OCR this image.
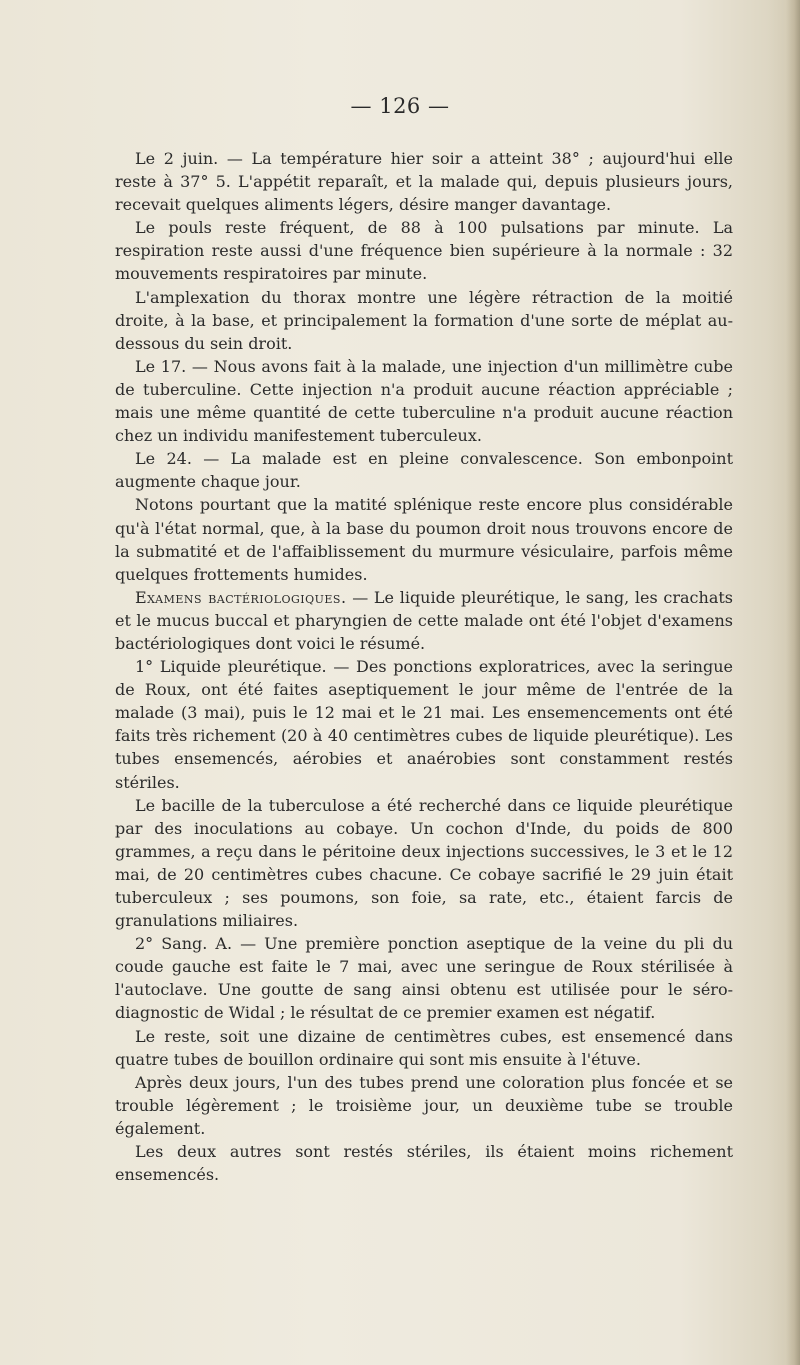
— 126 —

Le 2 juin. — La température hier soir a atteint 38° ; aujourd'hui elle reste à 37° 5. L'appétit reparaît, et la malade qui, depuis plusieurs jours, recevait quelques aliments légers, désire manger davantage.

Le pouls reste fréquent, de 88 à 100 pulsations par minute. La respiration reste aussi d'une fréquence bien supérieure à la normale : 32 mouvements respiratoires par minute.

L'amplexation du thorax montre une légère rétraction de la moitié droite, à la base, et principalement la formation d'une sorte de méplat au-dessous du sein droit.

Le 17. — Nous avons fait à la malade, une injection d'un millimètre cube de tuberculine. Cette injection n'a produit aucune réaction appréciable ; mais une même quantité de cette tuberculine n'a produit aucune réaction chez un individu manifestement tuberculeux.

Le 24. — La malade est en pleine convalescence. Son embonpoint augmente chaque jour.

Notons pourtant que la matité splénique reste encore plus considérable qu'à l'état normal, que, à la base du poumon droit nous trouvons encore de la submatité et de l'affaiblissement du murmure vésiculaire, parfois même quelques frottements humides.

Examens bactériologiques. — Le liquide pleurétique, le sang, les crachats et le mucus buccal et pharyngien de cette malade ont été l'objet d'examens bactériologiques dont voici le résumé.

1° Liquide pleurétique. — Des ponctions exploratrices, avec la seringue de Roux, ont été faites aseptiquement le jour même de l'entrée de la malade (3 mai), puis le 12 mai et le 21 mai. Les ensemencements ont été faits très richement (20 à 40 centimètres cubes de liquide pleurétique). Les tubes ensemencés, aérobies et anaérobies sont constamment restés stériles.

Le bacille de la tuberculose a été recherché dans ce liquide pleurétique par des inoculations au cobaye. Un cochon d'Inde, du poids de 800 grammes, a reçu dans le péritoine deux injections successives, le 3 et le 12 mai, de 20 centimètres cubes chacune. Ce cobaye sacrifié le 29 juin était tuberculeux ; ses poumons, son foie, sa rate, etc., étaient farcis de granulations miliaires.

2° Sang. A. — Une première ponction aseptique de la veine du pli du coude gauche est faite le 7 mai, avec une seringue de Roux stérilisée à l'autoclave. Une goutte de sang ainsi obtenu est utilisée pour le séro-diagnostic de Widal ; le résultat de ce premier examen est négatif.

Le reste, soit une dizaine de centimètres cubes, est ensemencé dans quatre tubes de bouillon ordinaire qui sont mis ensuite à l'étuve.

Après deux jours, l'un des tubes prend une coloration plus foncée et se trouble légèrement ; le troisième jour, un deuxième tube se trouble également.

Les deux autres sont restés stériles, ils étaient moins richement ensemencés.
